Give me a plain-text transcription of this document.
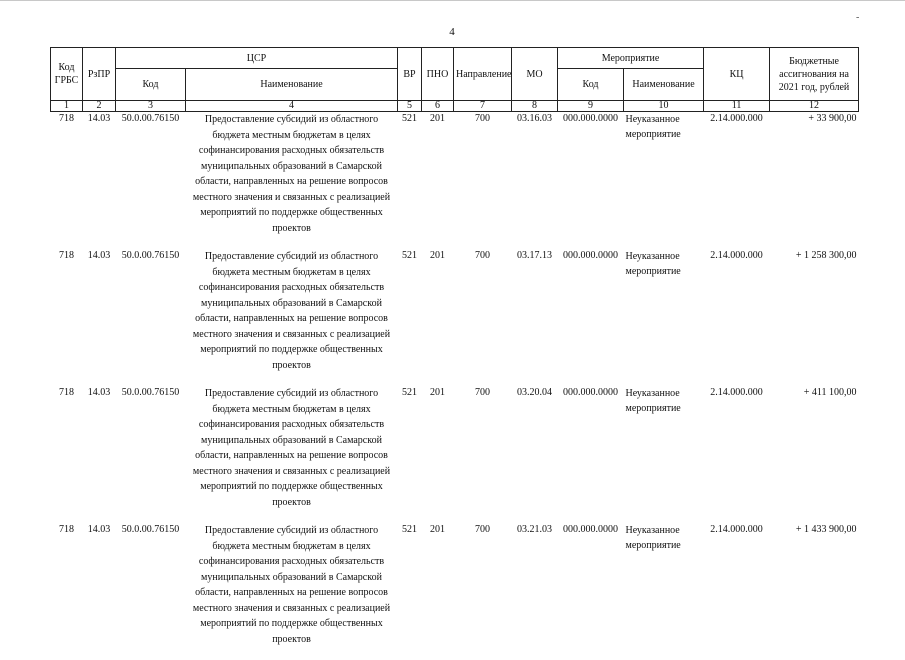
4
-
Код ГРБС	РзПР	ЦСР		ВР	ПНО	Направление	МО	Мероприятие		КЦ	Бюджетные ассигнования на 2021 год, рублей
		Код	Наименование					Код	Наименование		
1	2	3	4	5	6	7	8	9	10	11	12
718	14.03	50.0.00.76150	Предоставление субсидий из областного бюджета местным бюджетам в целях софинансирования расходных обязательств муниципальных образований в Самарской области, направленных на решение вопросов местного значения и связанных с реализацией мероприятий по поддержке общественных проектов	521	201	700	03.16.03	000.000.0000	Неуказанное мероприятие	2.14.000.000	+ 33 900,00
718	14.03	50.0.00.76150	Предоставление субсидий из областного бюджета местным бюджетам в целях софинансирования расходных обязательств муниципальных образований в Самарской области, направленных на решение вопросов местного значения и связанных с реализацией мероприятий по поддержке общественных проектов	521	201	700	03.17.13	000.000.0000	Неуказанное мероприятие	2.14.000.000	+ 1 258 300,00
718	14.03	50.0.00.76150	Предоставление субсидий из областного бюджета местным бюджетам в целях софинансирования расходных обязательств муниципальных образований в Самарской области, направленных на решение вопросов местного значения и связанных с реализацией мероприятий по поддержке общественных проектов	521	201	700	03.20.04	000.000.0000	Неуказанное мероприятие	2.14.000.000	+ 411 100,00
718	14.03	50.0.00.76150	Предоставление субсидий из областного бюджета местным бюджетам в целях софинансирования расходных обязательств муниципальных образований в Самарской области, направленных на решение вопросов местного значения и связанных с реализацией мероприятий по поддержке общественных проектов	521	201	700	03.21.03	000.000.0000	Неуказанное мероприятие	2.14.000.000	+ 1 433 900,00
